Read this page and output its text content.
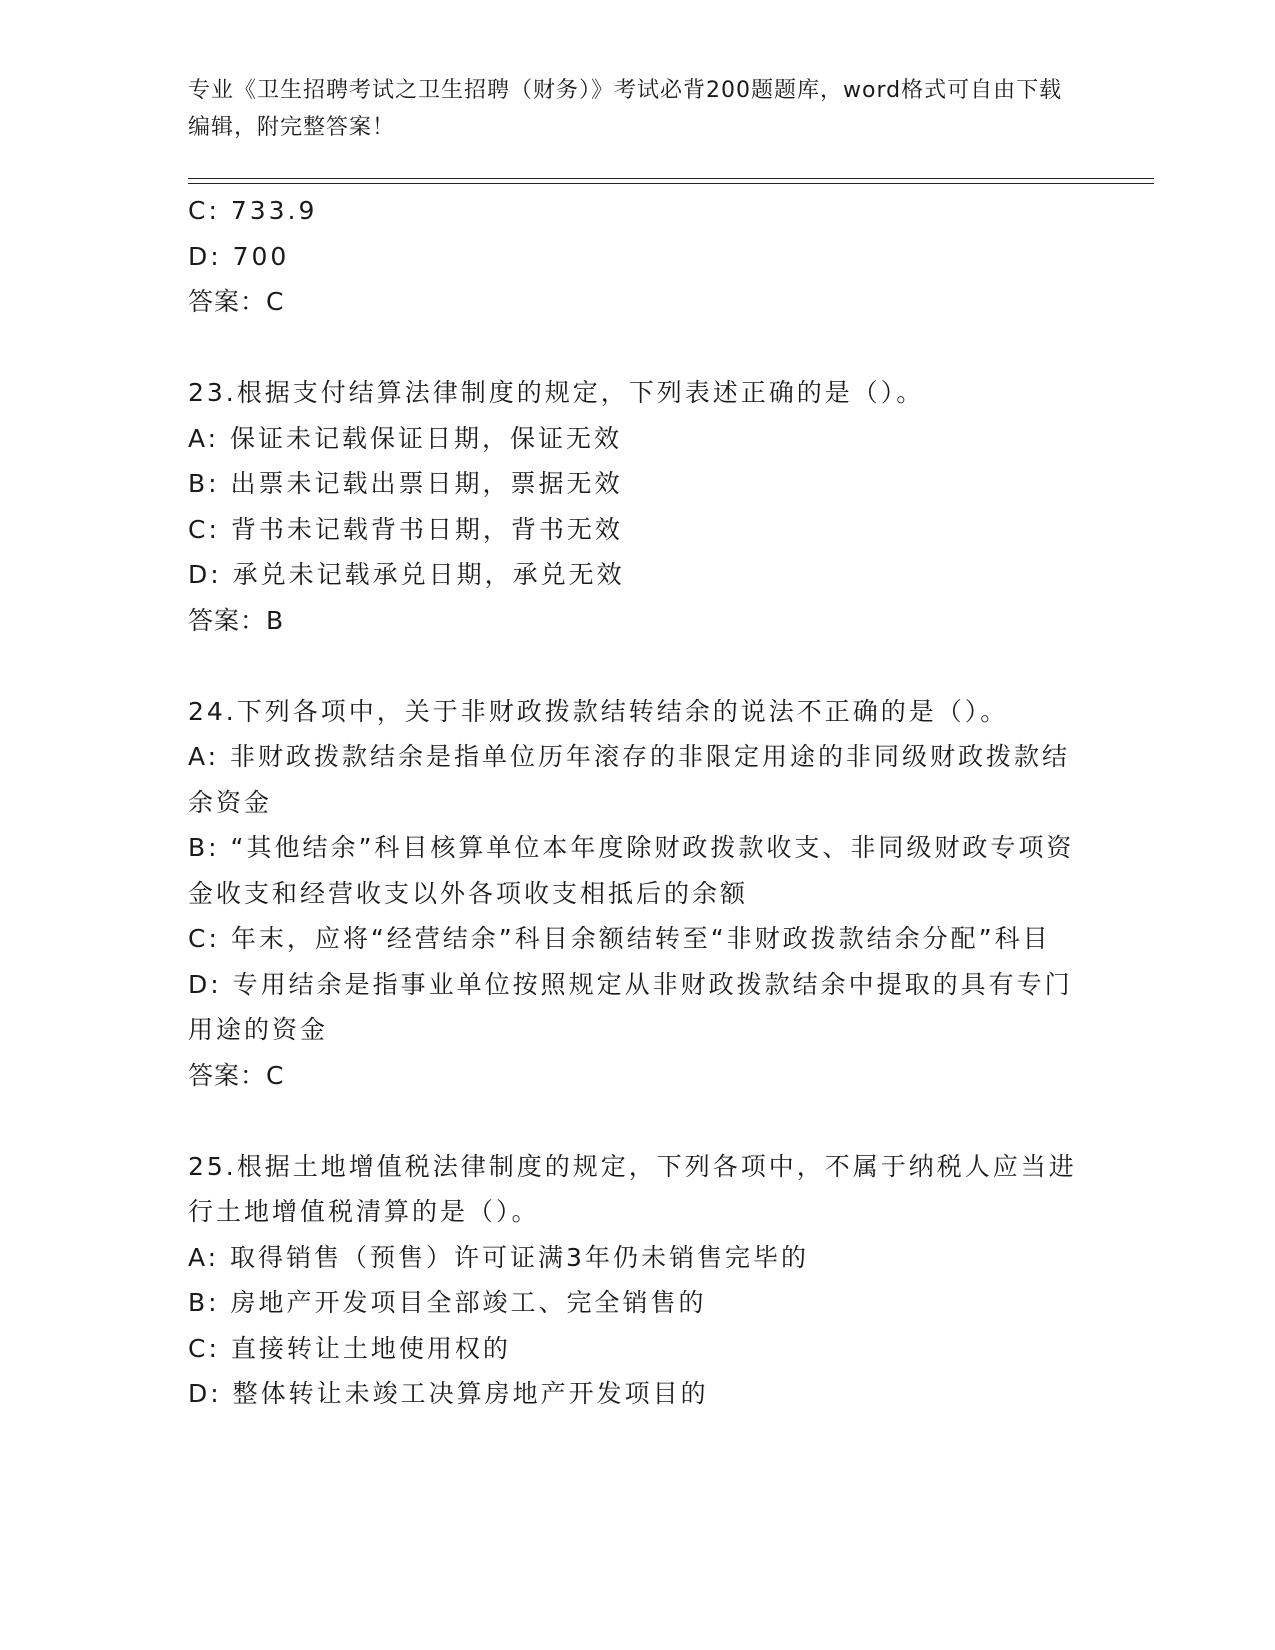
专业《卫生招聘考试之卫生招聘（财务）》考试必背200题题库，word格式可自由下载编辑，附完整答案！

C: 733.9

D: 700

答案：C

23.根据支付结算法律制度的规定，下列表述正确的是（）。

A: 保证未记载保证日期，保证无效

B: 出票未记载出票日期，票据无效

C: 背书未记载背书日期，背书无效

D: 承兑未记载承兑日期，承兑无效

答案：B

24.下列各项中，关于非财政拨款结转结余的说法不正确的是（）。

A: 非财政拨款结余是指单位历年滚存的非限定用途的非同级财政拨款结余资金

B: “其他结余”科目核算单位本年度除财政拨款收支、非同级财政专项资金收支和经营收支以外各项收支相抵后的余额

C: 年末，应将“经营结余”科目余额结转至“非财政拨款结余分配”科目

D: 专用结余是指事业单位按照规定从非财政拨款结余中提取的具有专门用途的资金

答案：C

25.根据土地增值税法律制度的规定，下列各项中，不属于纳税人应当进行土地增值税清算的是（）。

A: 取得销售（预售）许可证满3年仍未销售完毕的

B: 房地产开发项目全部竣工、完全销售的

C: 直接转让土地使用权的

D: 整体转让未竣工决算房地产开发项目的
